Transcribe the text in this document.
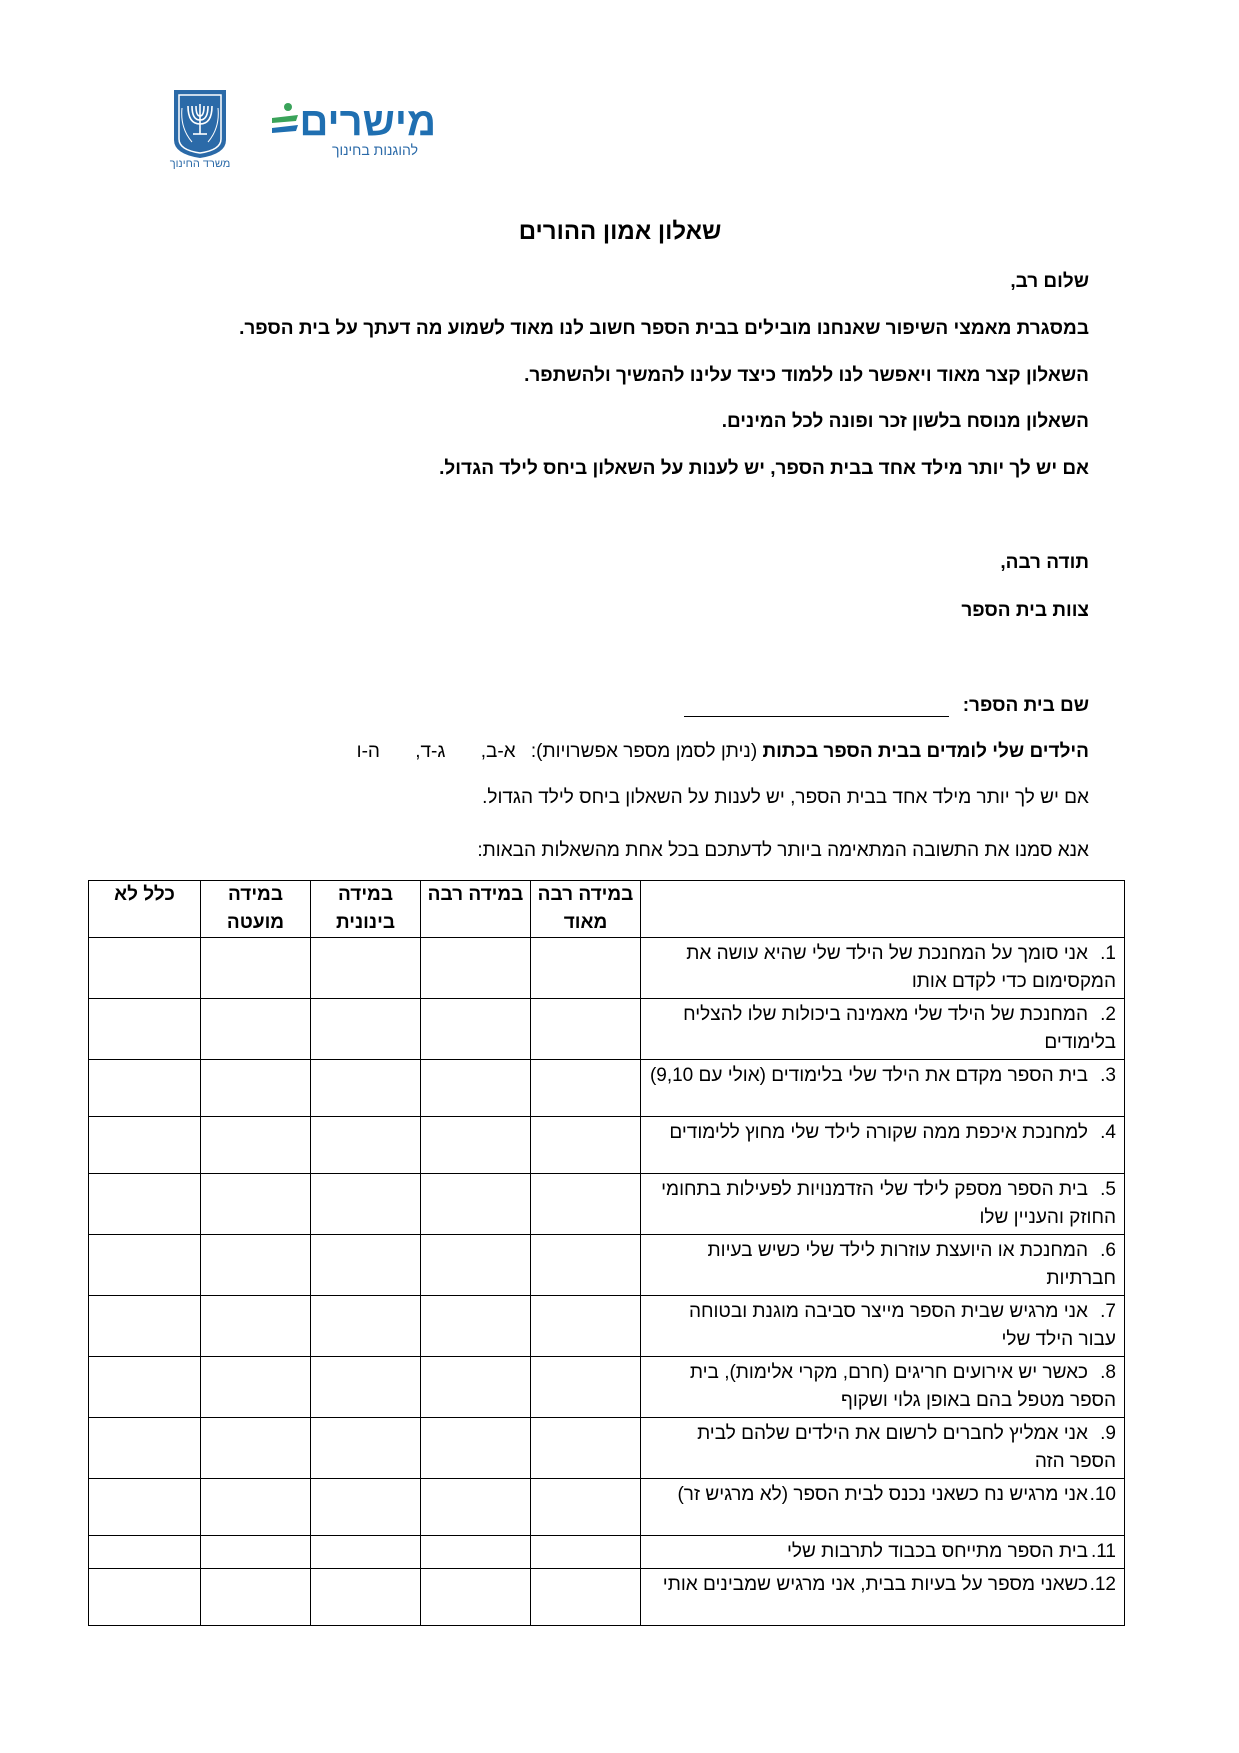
משרד החינוך
מישרים
להוגנות בחינוך
שאלון אמון ההורים
שלום רב,
במסגרת מאמצי השיפור שאנחנו מובילים בבית הספר חשוב לנו מאוד לשמוע מה דעתך על בית הספר.
השאלון קצר מאוד ויאפשר לנו ללמוד כיצד עלינו להמשיך ולהשתפר.
השאלון מנוסח בלשון זכר ופונה לכל המינים.
אם יש לך יותר מילד אחד בבית הספר, יש לענות על השאלון ביחס לילד הגדול.
תודה רבה,
צוות בית הספר
שם בית הספר:
הילדים שלי לומדים בבית הספר בכתות (ניתן לסמן מספר אפשרויות): א-ב, ג-ד, ה-ו
אם יש לך יותר מילד אחד בבית הספר, יש לענות על השאלון ביחס לילד הגדול.
אנא סמנו את התשובה המתאימה ביותר לדעתכם בכל אחת מהשאלות הבאות:
	במידה רבה מאוד	במידה רבה	במידה בינונית	במידה מועטה	כלל לא
1.אני סומך על המחנכת של הילד שלי שהיא עושה את המקסימום כדי לקדם אותו					
2.המחנכת של הילד שלי מאמינה ביכולות שלו להצליח בלימודים					
3.בית הספר מקדם את הילד שלי בלימודים (אולי עם 9,10)					
4.למחנכת איכפת ממה שקורה לילד שלי מחוץ ללימודים					
5.בית הספר מספק לילד שלי הזדמנויות לפעילות בתחומי החוזק והעניין שלו					
6.המחנכת או היועצת עוזרות לילד שלי כשיש בעיות חברתיות					
7.אני מרגיש שבית הספר מייצר סביבה מוגנת ובטוחה עבור הילד שלי					
8.כאשר יש אירועים חריגים (חרם, מקרי אלימות), בית הספר מטפל בהם באופן גלוי ושקוף					
9.אני אמליץ לחברים לרשום את הילדים שלהם לבית הספר הזה					
10.אני מרגיש נח כשאני נכנס לבית הספר (לא מרגיש זר)					
11.בית הספר מתייחס בכבוד לתרבות שלי					
12.כשאני מספר על בעיות בבית, אני מרגיש שמבינים אותי					
